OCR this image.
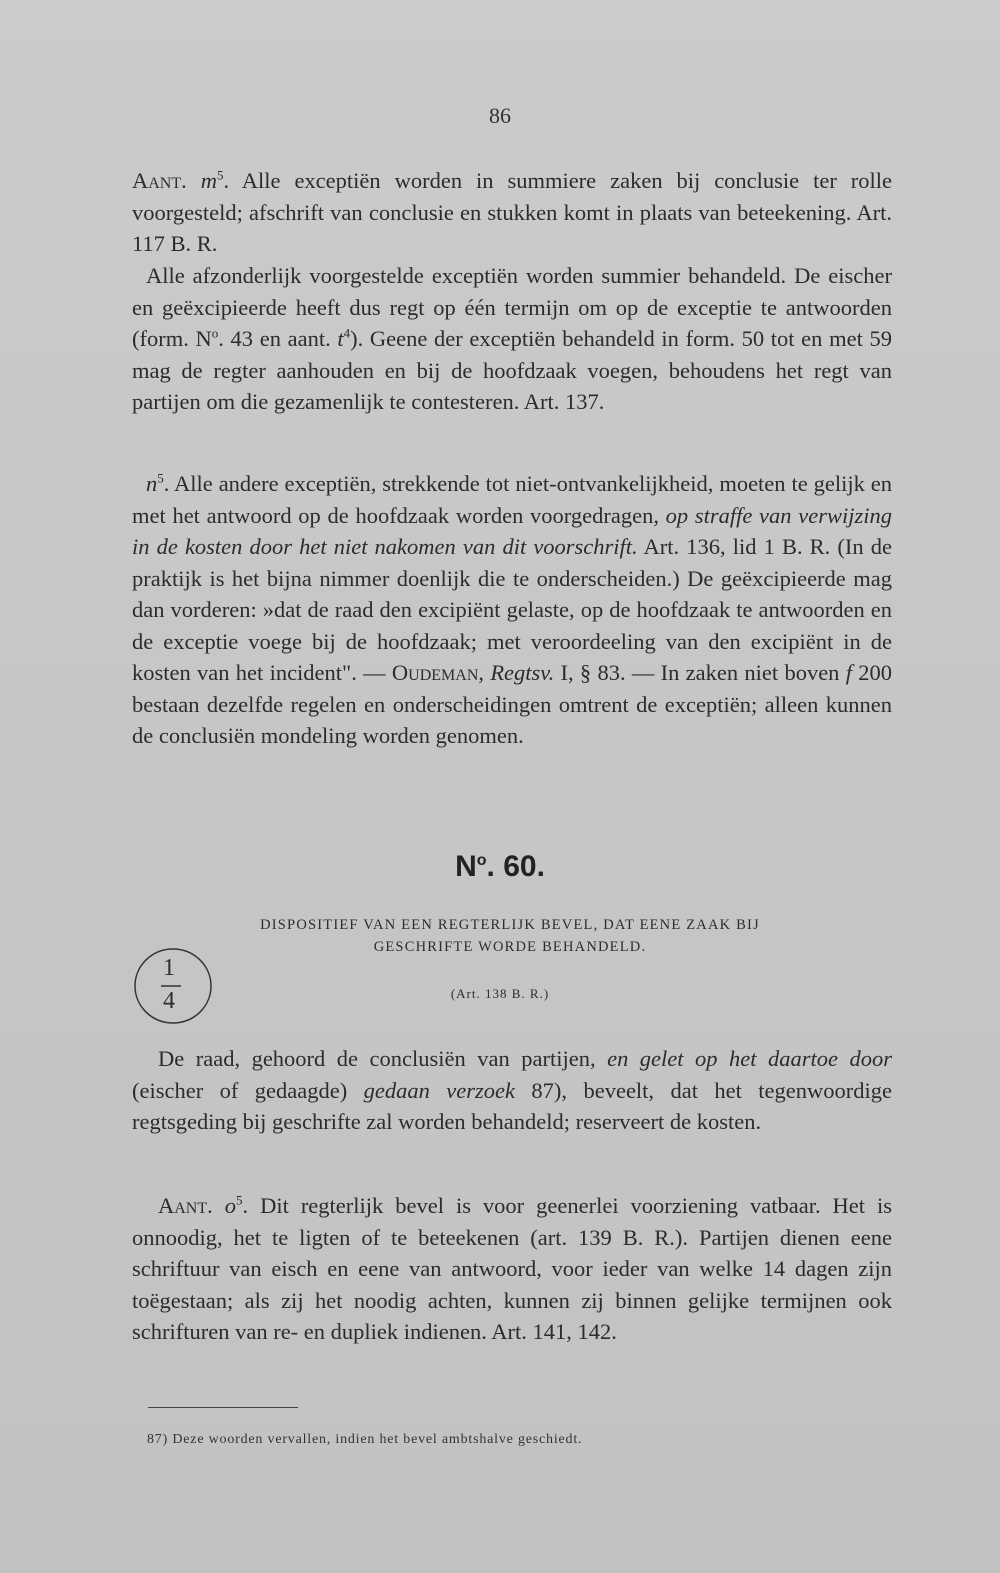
86

Aant. $m^5$. Alle exceptiën worden in summiere zaken bij conclusie ter rolle voorgesteld; afschrift van conclusie en stukken komt in plaats van beteekening. Art. 117 B. R.

Alle afzonderlijk voorgestelde exceptiën worden summier behandeld. De eischer en geëxcipieerde heeft dus regt op één termijn om op de exceptie te antwoorden (form. $N^o$. 43 en aant. $t^4$). Geene der exceptiën behandeld in form. 50 tot en met 59 mag de regter aanhouden en bij de hoofdzaak voegen, behoudens het regt van partijen om die gezamenlijk te contesteren. Art. 137.

$n^5$. Alle andere exceptiën, strekkende tot niet-ontvankelijkheid, moeten te gelijk en met het antwoord op de hoofdzaak worden voorgedragen, op straffe van verwijzing in de kosten door het niet nakomen van dit voorschrift. Art. 136, lid 1 B. R. (In de praktijk is het bijna nimmer doenlijk die te onderscheiden.) De geëxcipieerde mag dan vorderen: »dat de raad den excipiënt gelaste, op de hoofdzaak te antwoorden en de exceptie voege bij de hoofdzaak; met veroordeeling van den excipiënt in de kosten van het incident". — Oudeman, Regtsv. I, § 83. — In zaken niet boven f 200 bestaan dezelfde regelen en onderscheidingen omtrent de exceptiën; alleen kunnen de conclusiën mondeling worden genomen.

$N^o$. 60.
DISPOSITIEF VAN EEN REGTERLIJK BEVEL, DAT EENE ZAAK BIJ
GESCHRIFTE WORDE BEHANDELD.
(Art. 138 B. R.)
1
4

De raad, gehoord de conclusiën van partijen, en gelet op het daartoe door (eischer of gedaagde) gedaan verzoek 87), beveelt, dat het tegenwoordige regtsgeding bij geschrifte zal worden behandeld; reserveert de kosten.

Aant. $o^5$. Dit regterlijk bevel is voor geenerlei voorziening vatbaar. Het is onnoodig, het te ligten of te beteekenen (art. 139 B. R.). Partijen dienen eene schriftuur van eisch en eene van antwoord, voor ieder van welke 14 dagen zijn toëgestaan; als zij het noodig achten, kunnen zij binnen gelijke termijnen ook schrifturen van re- en dupliek indienen. Art. 141, 142.

87) Deze woorden vervallen, indien het bevel ambtshalve geschiedt.
